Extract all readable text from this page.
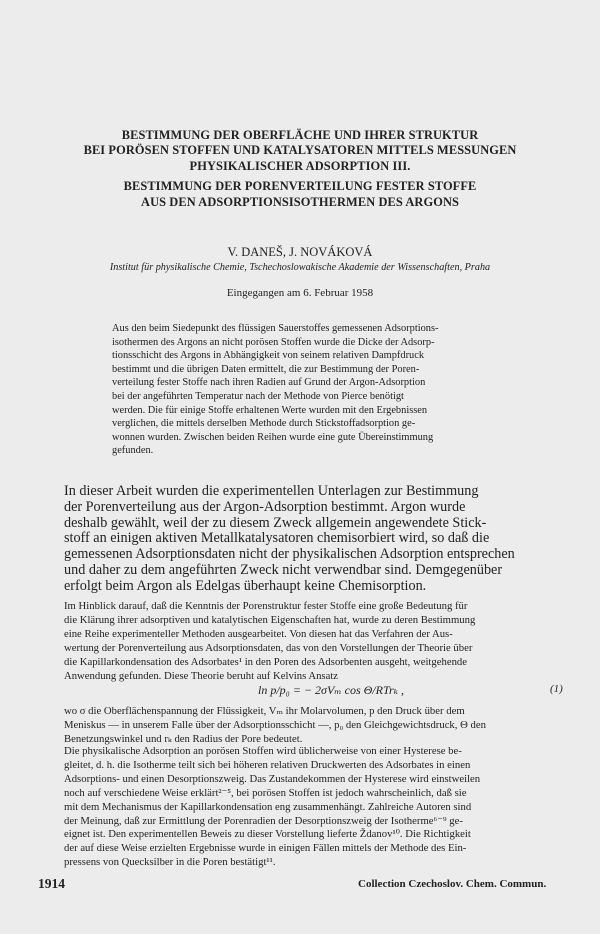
BESTIMMUNG DER OBERFLÄCHE UND IHRER STRUKTUR
BEI PORÖSEN STOFFEN UND KATALYSATOREN MITTELS MESSUNGEN
PHYSIKALISCHER ADSORPTION III.
BESTIMMUNG DER PORENVERTEILUNG FESTER STOFFE
AUS DEN ADSORPTIONSISOTHERMEN DES ARGONS
V. DANEŠ, J. NOVÁKOVÁ
Institut für physikalische Chemie, Tschechoslowakische Akademie der Wissenschaften, Praha
Eingegangen am 6. Februar 1958
Aus den beim Siedepunkt des flüssigen Sauerstoffes gemessenen Adsorptions-
isothermen des Argons an nicht porösen Stoffen wurde die Dicke der Adsorp-
tionsschicht des Argons in Abhängigkeit von seinem relativen Dampfdruck
bestimmt und die übrigen Daten ermittelt, die zur Bestimmung der Poren-
verteilung fester Stoffe nach ihren Radien auf Grund der Argon-Adsorption
bei der angeführten Temperatur nach der Methode von Pierce benötigt
werden. Die für einige Stoffe erhaltenen Werte wurden mit den Ergebnissen
verglichen, die mittels derselben Methode durch Stickstoffadsorption ge-
wonnen wurden. Zwischen beiden Reihen wurde eine gute Übereinstimmung
gefunden.
In dieser Arbeit wurden die experimentellen Unterlagen zur Bestimmung
der Porenverteilung aus der Argon-Adsorption bestimmt. Argon wurde
deshalb gewählt, weil der zu diesem Zweck allgemein angewendete Stick-
stoff an einigen aktiven Metallkatalysatoren chemisorbiert wird, so daß die
gemessenen Adsorptionsdaten nicht der physikalischen Adsorption entsprechen
und daher zu dem angeführten Zweck nicht verwendbar sind. Demgegenüber
erfolgt beim Argon als Edelgas überhaupt keine Chemisorption.
Im Hinblick darauf, daß die Kenntnis der Porenstruktur fester Stoffe eine große Bedeutung für
die Klärung ihrer adsorptiven und katalytischen Eigenschaften hat, wurde zu deren Bestimmung
eine Reihe experimenteller Methoden ausgearbeitet. Von diesen hat das Verfahren der Aus-
wertung der Porenverteilung aus Adsorptionsdaten, das von den Vorstellungen der Theorie über
die Kapillarkondensation des Adsorbates¹ in den Poren des Adsorbenten ausgeht, weitgehende
Anwendung gefunden. Diese Theorie beruht auf Kelvins Ansatz
ln p/p₀ = − 2σVₘ cos Θ/RTrₖ ,	(1)
wo σ die Oberflächenspannung der Flüssigkeit, Vₘ ihr Molarvolumen, p den Druck über dem
Meniskus — in unserem Falle über der Adsorptionsschicht —, p₀ den Gleichgewichtsdruck, Θ den
Benetzungswinkel und rₖ den Radius der Pore bedeutet.
Die physikalische Adsorption an porösen Stoffen wird üblicherweise von einer Hysterese be-
gleitet, d. h. die Isotherme teilt sich bei höheren relativen Druckwerten des Adsorbates in einen
Adsorptions- und einen Desorptionszweig. Das Zustandekommen der Hysterese wird einstweilen
noch auf verschiedene Weise erklärt²⁻⁵, bei porösen Stoffen ist jedoch wahrscheinlich, daß sie
mit dem Mechanismus der Kapillarkondensation eng zusammenhängt. Zahlreiche Autoren sind
der Meinung, daß zur Ermittlung der Porenradien der Desorptionszweig der Isotherme⁶⁻⁹ ge-
eignet ist. Den experimentellen Beweis zu dieser Vorstellung lieferte Ždanov¹⁰. Die Richtigkeit
der auf diese Weise erzielten Ergebnisse wurde in einigen Fällen mittels der Methode des Ein-
pressens von Quecksilber in die Poren bestätigt¹¹.
1914	Collection Czechoslov. Chem. Commun.
